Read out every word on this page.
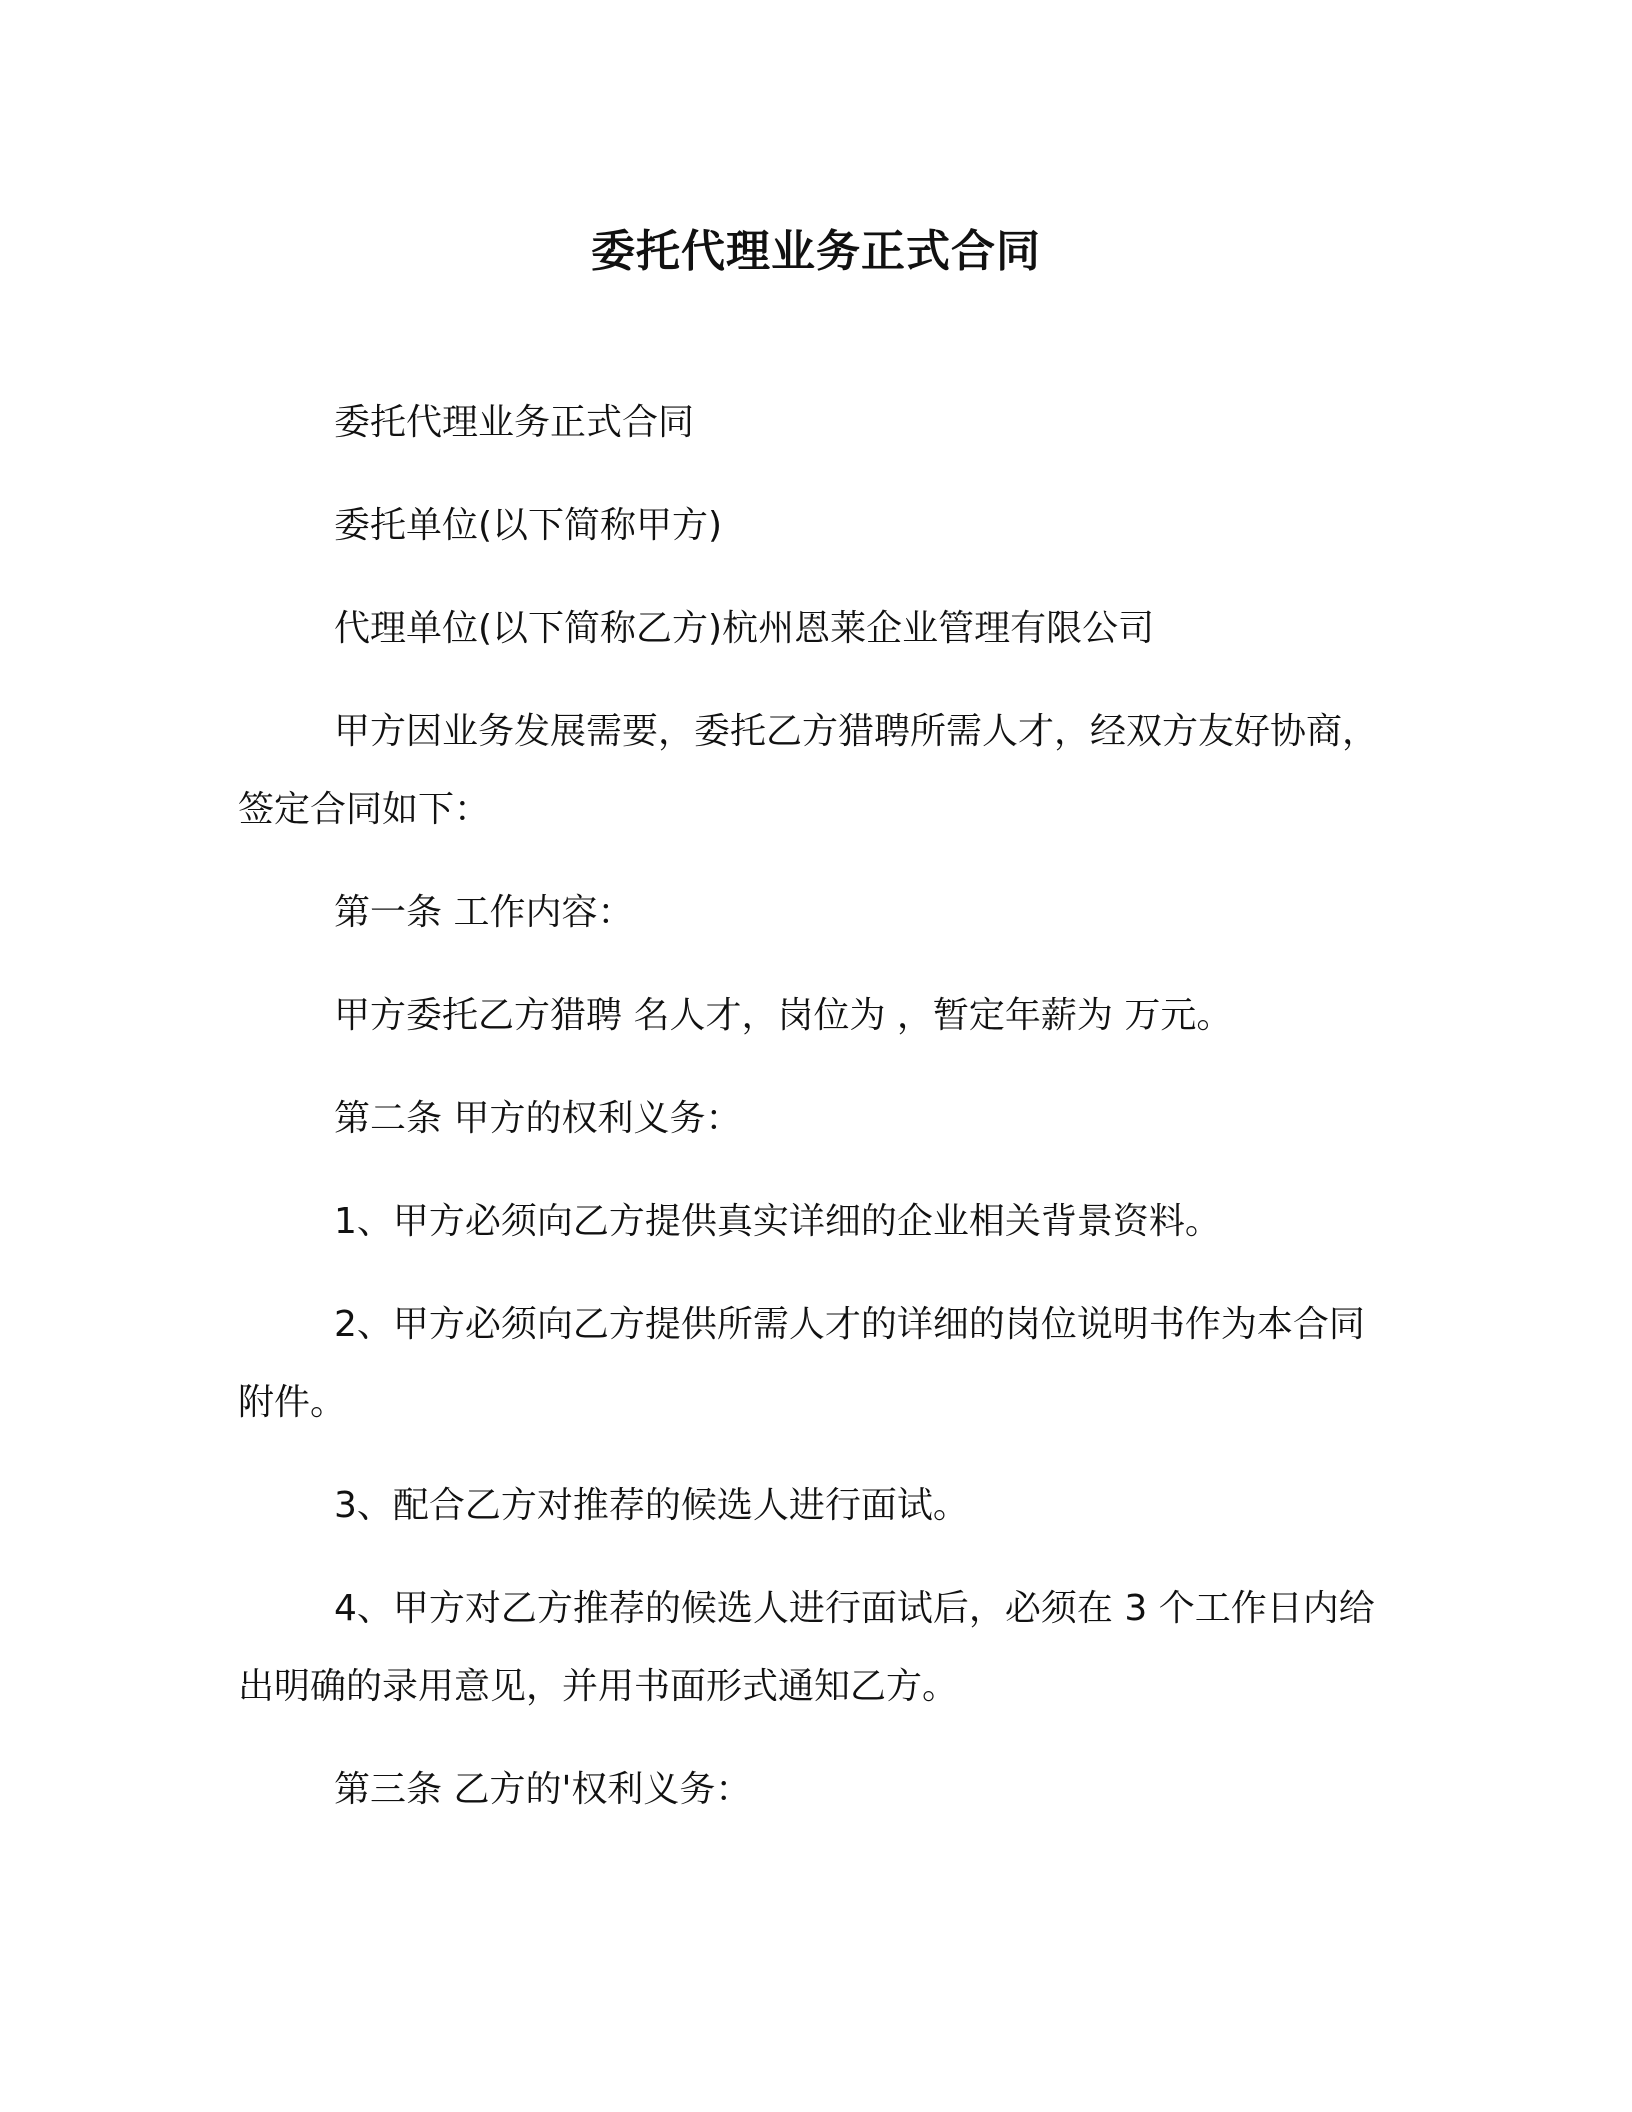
委托代理业务正式合同

委托代理业务正式合同

委托单位(以下简称甲方)

代理单位(以下简称乙方)杭州恩莱企业管理有限公司

甲方因业务发展需要，委托乙方猎聘所需人才，经双方友好协商，签定合同如下：

第一条 工作内容：

甲方委托乙方猎聘 名人才，岗位为 ，暂定年薪为 万元。

第二条 甲方的权利义务：

1、甲方必须向乙方提供真实详细的企业相关背景资料。

2、甲方必须向乙方提供所需人才的详细的岗位说明书作为本合同附件。

3、配合乙方对推荐的候选人进行面试。

4、甲方对乙方推荐的候选人进行面试后，必须在 3 个工作日内给出明确的录用意见，并用书面形式通知乙方。

第三条 乙方的'权利义务：
